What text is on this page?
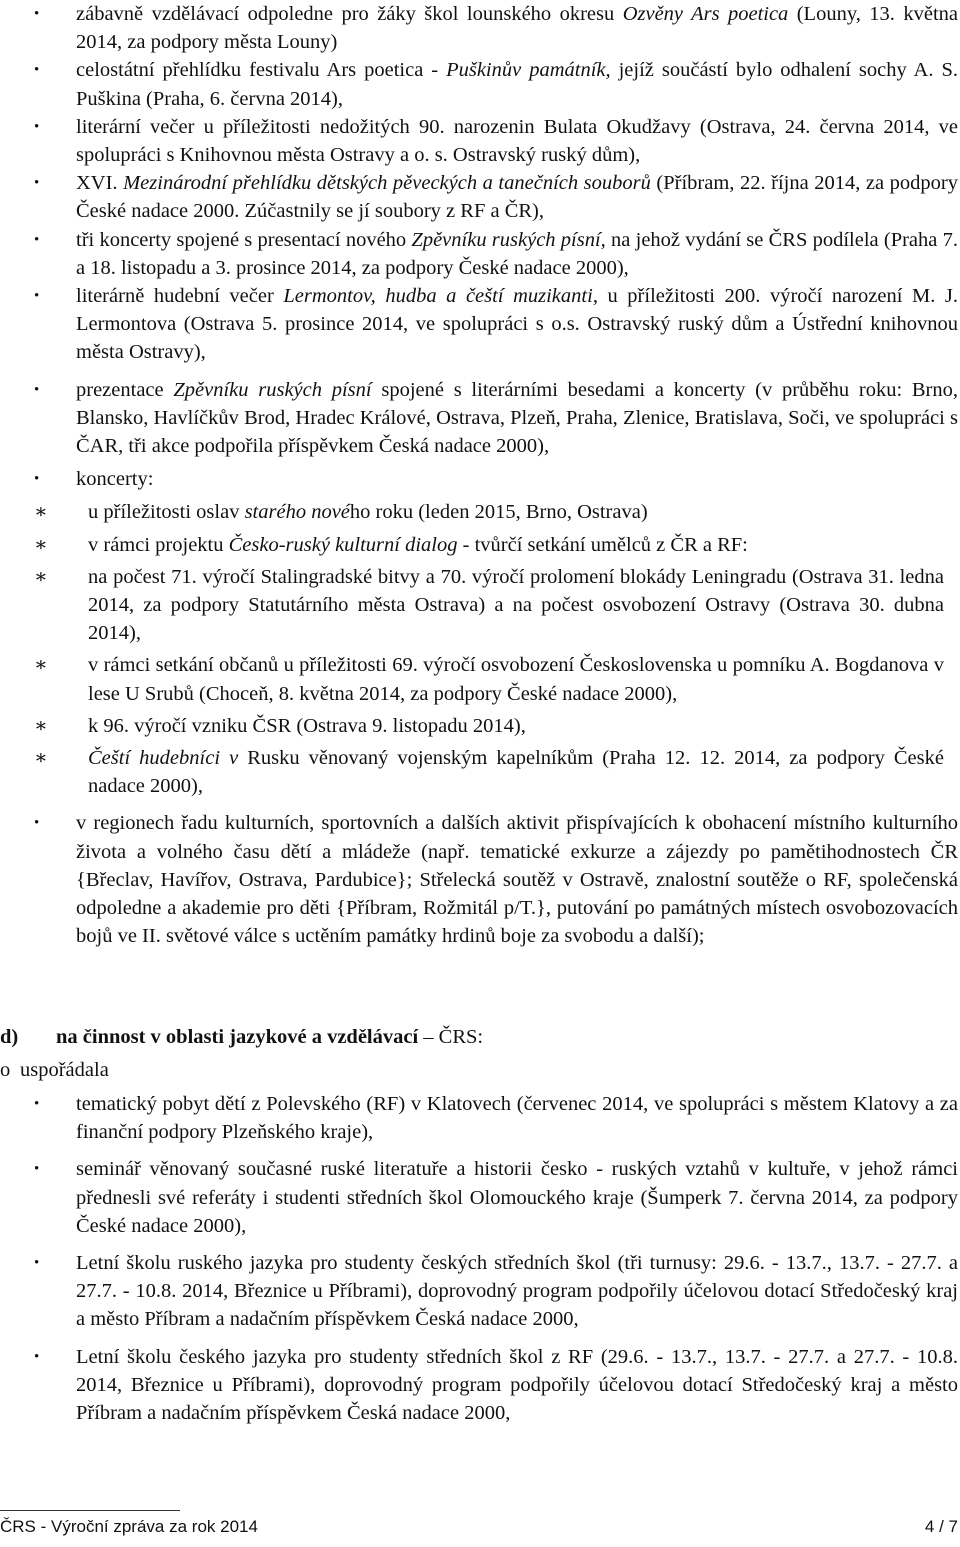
•	zábavně vzdělávací odpoledne pro žáky škol lounského okresu Ozvěny Ars poetica (Louny, 13. května 2014, za podpory města Louny)
•	celostátní přehlídku festivalu Ars poetica - Puškinův památník, jejíž součástí bylo odhalení sochy A. S. Puškina (Praha, 6. června 2014),
•	literární večer u příležitosti nedožitých 90. narozenin Bulata Okudžavy (Ostrava, 24. června 2014, ve spolupráci s Knihovnou města Ostravy a o. s. Ostravský ruský dům),
•	XVI. Mezinárodní přehlídku dětských pěveckých a tanečních souborů (Příbram, 22. října 2014, za podpory České nadace 2000. Zúčastnily se jí soubory z RF a ČR),
•	tři koncerty spojené s presentací nového Zpěvníku ruských písní, na jehož vydání se ČRS podílela (Praha 7. a 18. listopadu a 3. prosince 2014, za podpory České nadace 2000),
•	literárně hudební večer Lermontov, hudba a čeští muzikanti, u příležitosti 200. výročí narození M. J. Lermontova (Ostrava 5. prosince 2014, ve spolupráci s o.s. Ostravský ruský dům a Ústřední knihovnou města Ostravy),
•	prezentace Zpěvníku ruských písní spojené s literárními besedami a koncerty (v průběhu roku: Brno, Blansko, Havlíčkův Brod, Hradec Králové, Ostrava, Plzeň, Praha, Zlenice, Bratislava, Soči, ve spolupráci s ČAR, tři akce podpořila příspěvkem Česká nadace 2000),
•	koncerty:
∗ u příležitosti oslav starého nového roku (leden 2015, Brno, Ostrava)
∗ v rámci projektu Česko-ruský kulturní dialog - tvůrčí setkání umělců z ČR a RF:
∗ na počest 71. výročí Stalingradské bitvy a 70. výročí prolomení blokády Leningradu (Ostrava 31. ledna 2014, za podpory Statutárního města Ostrava) a na počest osvobození Ostravy (Ostrava 30. dubna 2014),
∗ v rámci setkání občanů u příležitosti 69. výročí osvobození Československa u pomníku A. Bogdanova v lese U Srubů (Choceň, 8. května 2014, za podpory České nadace 2000),
∗ k 96. výročí vzniku ČSR (Ostrava 9. listopadu 2014),
∗ Čeští hudebníci v Rusku věnovaný vojenským kapelníkům (Praha 12. 12. 2014, za podpory České nadace 2000),
•	v regionech řadu kulturních, sportovních a dalších aktivit přispívajících k obohacení místního kulturního života a volného času dětí a mládeže (např. tematické exkurze a zájezdy po pamětihodnostech ČR {Břeclav, Havířov, Ostrava, Pardubice}; Střelecká soutěž v Ostravě, znalostní soutěže o RF, společenská odpoledne a akademie pro děti {Příbram, Rožmitál p/T.}, putování po památných místech osvobozovacích bojů ve II. světové válce s uctěním památky hrdinů boje za svobodu a další);
d) na činnost v oblasti jazykové a vzdělávací – ČRS:
o uspořádala
•	tematický pobyt dětí z Polevského (RF) v Klatovech (červenec 2014, ve spolupráci s městem Klatovy a za finanční podpory Plzeňského kraje),
•	seminář věnovaný současné ruské literatuře a historii česko - ruských vztahů v kultuře, v jehož rámci přednesli své referáty i studenti středních škol Olomouckého kraje (Šumperk 7. června 2014, za podpory České nadace 2000),
•	Letní školu ruského jazyka pro studenty českých středních škol (tři turnusy: 29.6. - 13.7., 13.7. - 27.7. a 27.7. - 10.8. 2014, Březnice u Příbrami), doprovodný program podpořily účelovou dotací Středočeský kraj a město Příbram a nadačním příspěvkem Česká nadace 2000,
•	Letní školu českého jazyka pro studenty středních škol z RF (29.6. - 13.7., 13.7. - 27.7. a 27.7. - 10.8. 2014, Březnice u Příbrami), doprovodný program podpořily účelovou dotací Středočeský kraj a město Příbram a nadačním příspěvkem Česká nadace 2000,
ČRS - Výroční zpráva za rok 2014	4 / 7
